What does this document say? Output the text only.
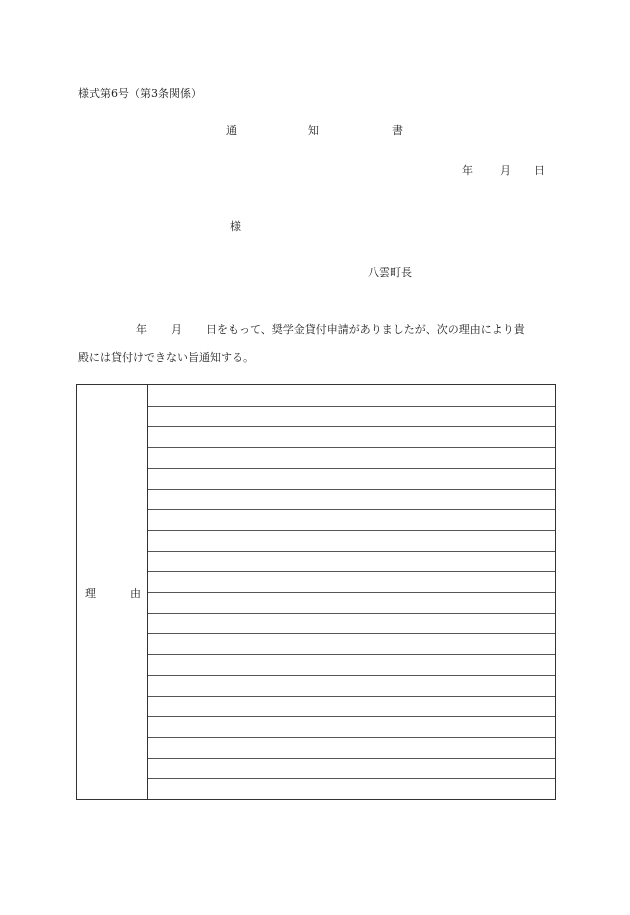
様式第6号（第3条関係）
通	知	書
年 月 日
様
八雲町長
年 月 日をもって、奨学金貸付申請がありましたが、次の理由により貴
殿には貸付けできない旨通知する。
理	由
